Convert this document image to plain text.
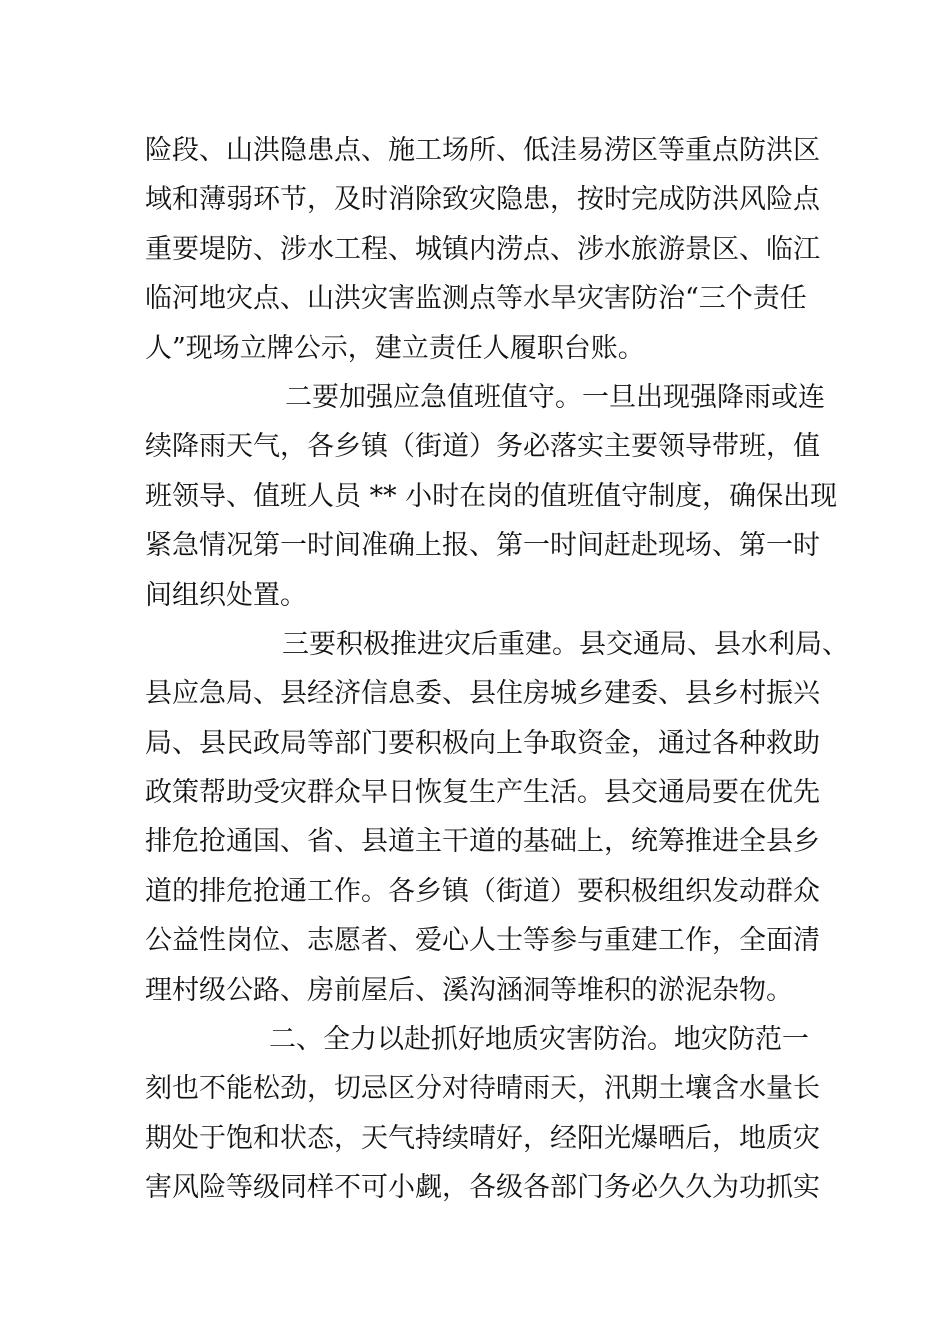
险段、山洪隐患点、施工场所、低洼易涝区等重点防洪区
域和薄弱环节，及时消除致灾隐患，按时完成防洪风险点
重要堤防、涉水工程、城镇内涝点、涉水旅游景区、临江
临河地灾点、山洪灾害监测点等水旱灾害防治“三个责任
人”现场立牌公示，建立责任人履职台账。
二要加强应急值班值守。一旦出现强降雨或连
续降雨天气，各乡镇（街道）务必落实主要领导带班，值
班领导、值班人员 ** 小时在岗的值班值守制度，确保出现
紧急情况第一时间准确上报、第一时间赶赴现场、第一时
间组织处置。
三要积极推进灾后重建。县交通局、县水利局、
县应急局、县经济信息委、县住房城乡建委、县乡村振兴
局、县民政局等部门要积极向上争取资金，通过各种救助
政策帮助受灾群众早日恢复生产生活。县交通局要在优先
排危抢通国、省、县道主干道的基础上，统筹推进全县乡
道的排危抢通工作。各乡镇（街道）要积极组织发动群众
公益性岗位、志愿者、爱心人士等参与重建工作，全面清
理村级公路、房前屋后、溪沟涵洞等堆积的淤泥杂物。
二、全力以赴抓好地质灾害防治。地灾防范一
刻也不能松劲，切忌区分对待晴雨天，汛期土壤含水量长
期处于饱和状态，天气持续晴好，经阳光爆晒后，地质灾
害风险等级同样不可小觑，各级各部门务必久久为功抓实
